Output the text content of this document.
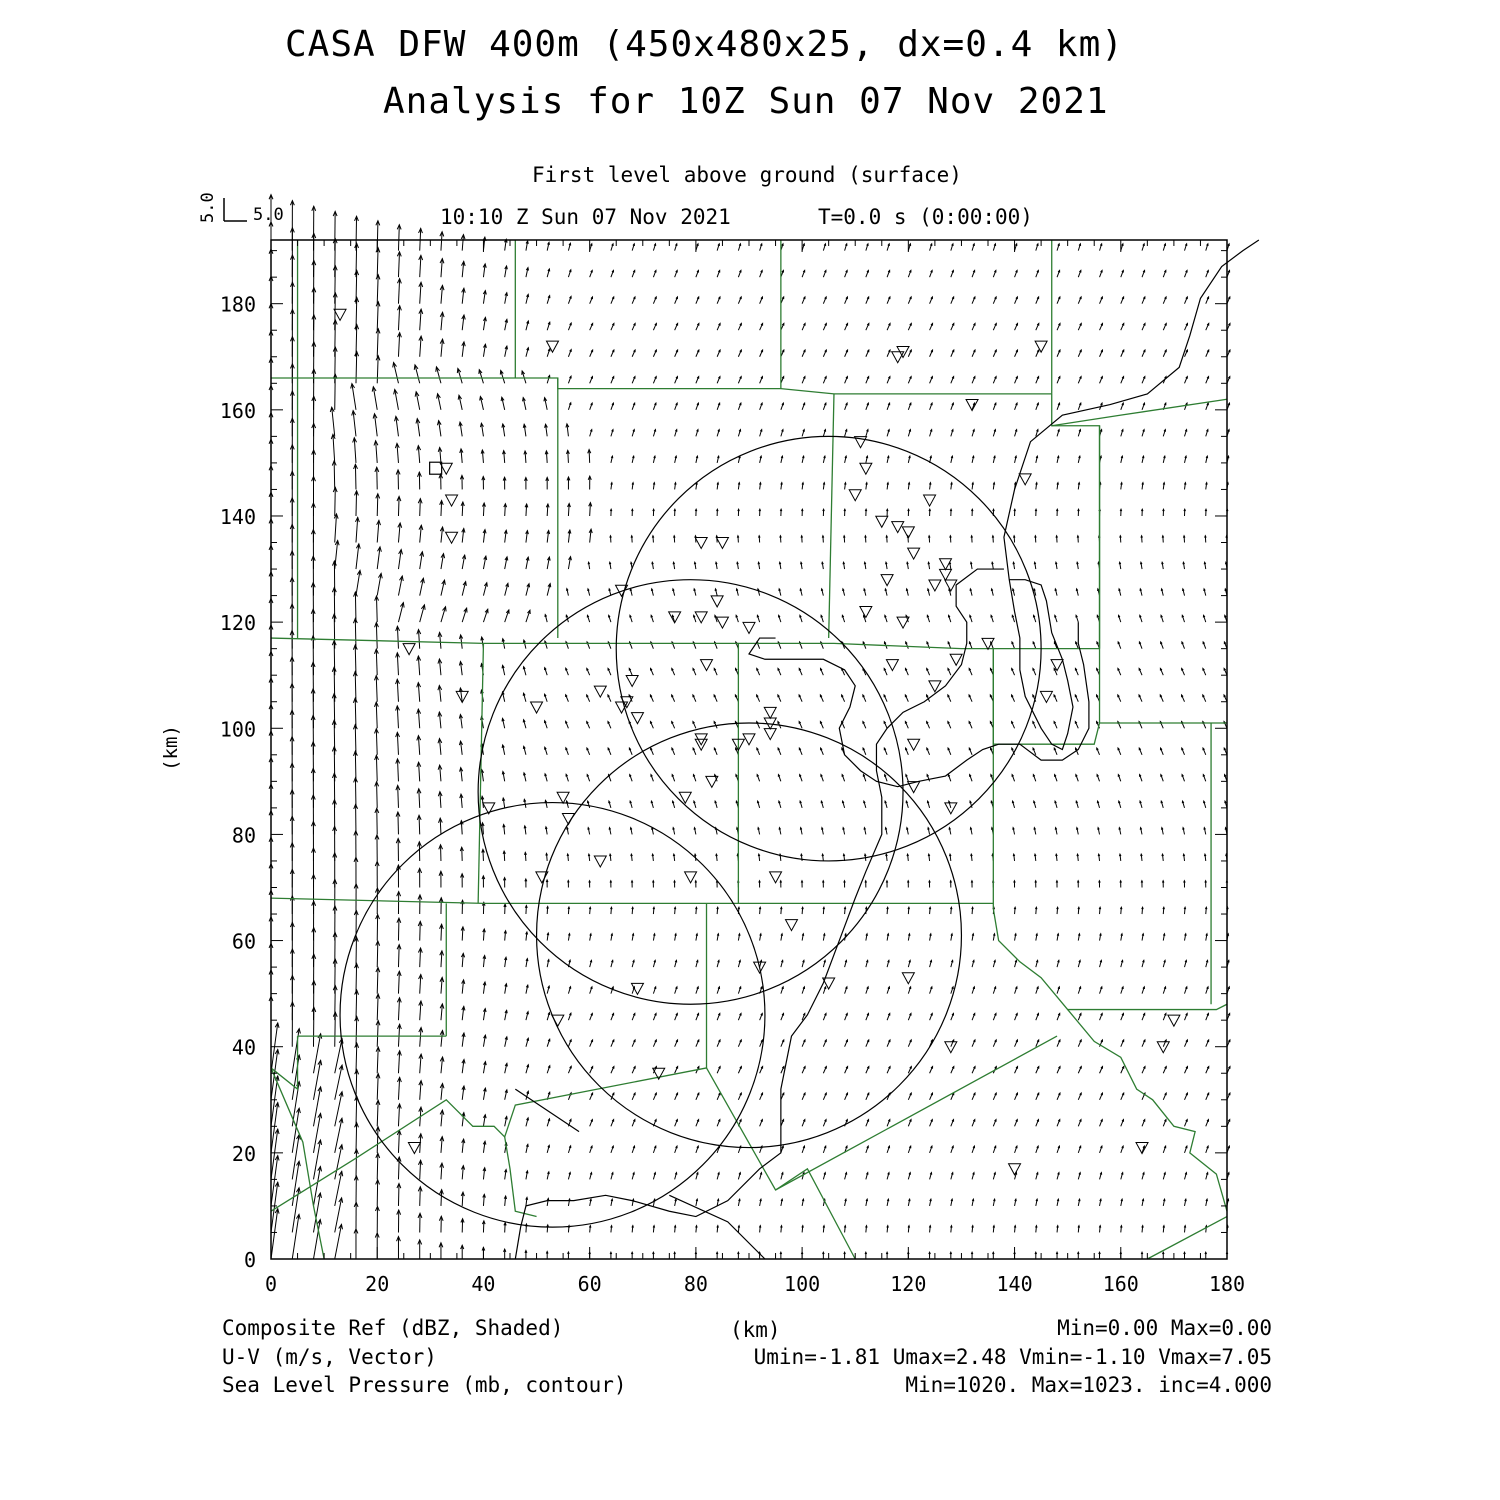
CASA DFW 400m (450x480x25, dx=0.4 km)
Analysis for 10Z Sun 07 Nov 2021
First level above ground (surface)
10:10 Z Sun 07 Nov 2021	T=0.0 s (0:00:00)
5.0
5.0
0	20	40	60	80	100	120	140	160	180
0
20
40
60
80
100
120
140
160
180
(km)
Composite Ref (dBZ, Shaded)
U-V (m/s, Vector)
Sea Level Pressure (mb, contour)
(km)	Min=0.00 Max=0.00
Umin=-1.81 Umax=2.48 Vmin=-1.10 Vmax=7.05
Min=1020. Max=1023. inc=4.000
